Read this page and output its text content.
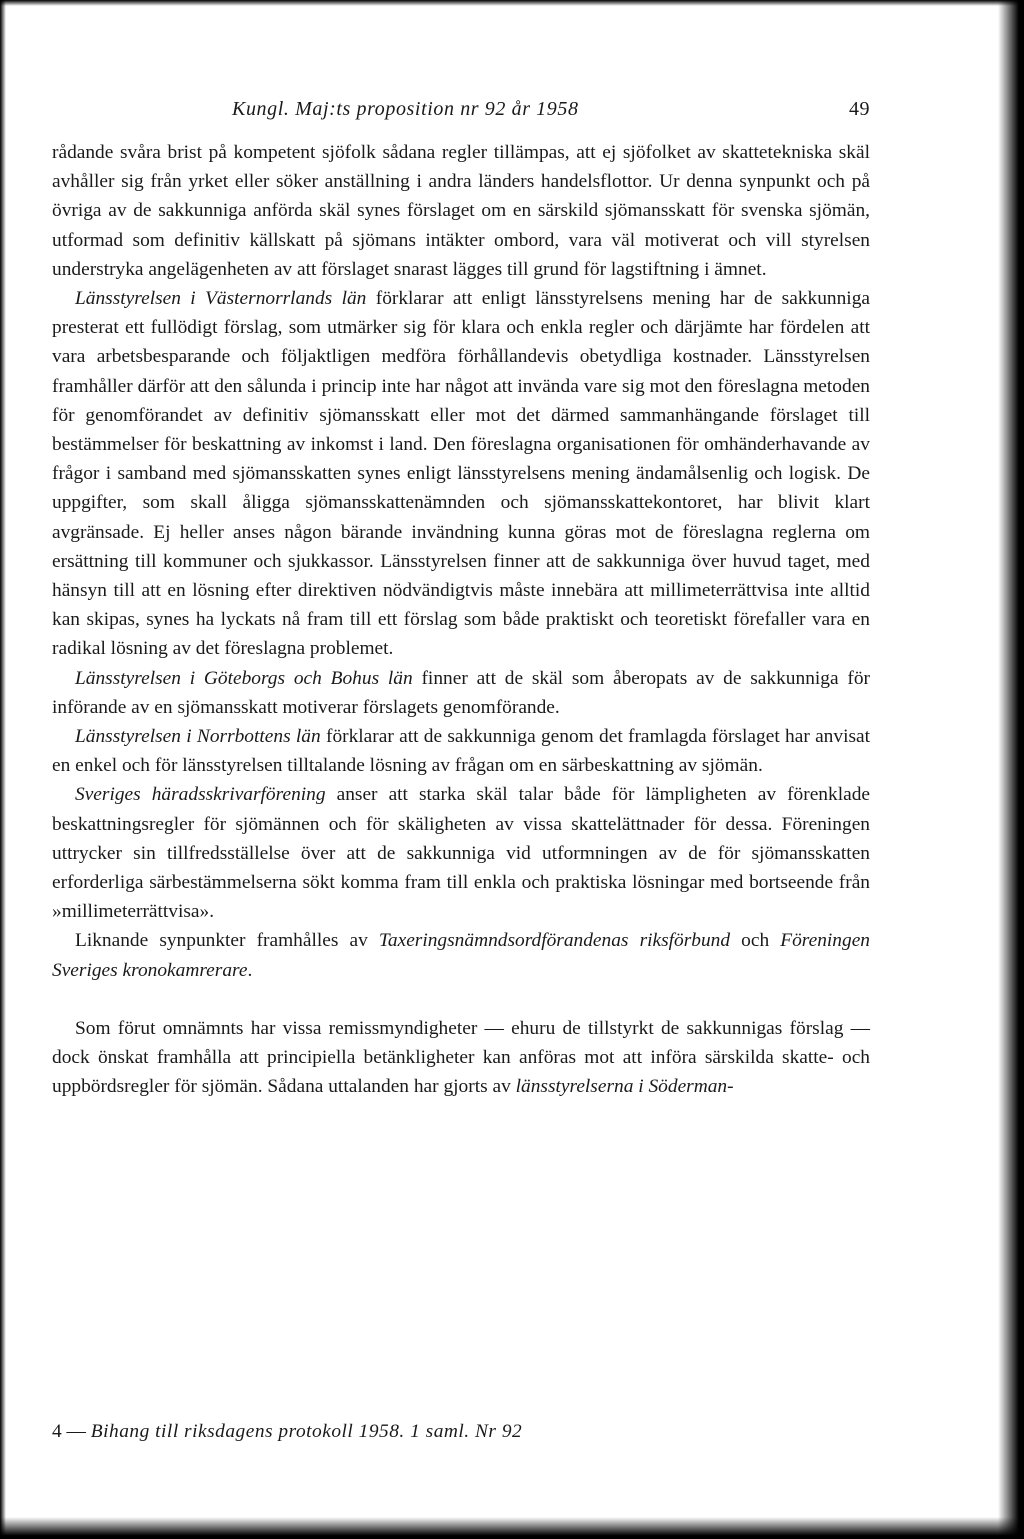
Kungl. Maj:ts proposition nr 92 år 1958	49

rådande svåra brist på kompetent sjöfolk sådana regler tillämpas, att ej sjöfolket av skattetekniska skäl avhåller sig från yrket eller söker anställning i andra länders handelsflottor. Ur denna synpunkt och på övriga av de sakkunniga anförda skäl synes förslaget om en särskild sjömansskatt för svenska sjömän, utformad som definitiv källskatt på sjömans intäkter ombord, vara väl motiverat och vill styrelsen understryka angelägenheten av att förslaget snarast lägges till grund för lagstiftning i ämnet.

Länsstyrelsen i Västernorrlands län förklarar att enligt länsstyrelsens mening har de sakkunniga presterat ett fullödigt förslag, som utmärker sig för klara och enkla regler och därjämte har fördelen att vara arbetsbesparande och följaktligen medföra förhållandevis obetydliga kostnader. Länsstyrelsen framhåller därför att den sålunda i princip inte har något att invända vare sig mot den föreslagna metoden för genomförandet av definitiv sjömansskatt eller mot det därmed sammanhängande förslaget till bestämmelser för beskattning av inkomst i land. Den föreslagna organisationen för omhänderhavande av frågor i samband med sjömansskatten synes enligt länsstyrelsens mening ändamålsenlig och logisk. De uppgifter, som skall åligga sjömansskattenämnden och sjömansskattekontoret, har blivit klart avgränsade. Ej heller anses någon bärande invändning kunna göras mot de föreslagna reglerna om ersättning till kommuner och sjukkassor. Länsstyrelsen finner att de sakkunniga över huvud taget, med hänsyn till att en lösning efter direktiven nödvändigtvis måste innebära att millimeterrättvisa inte alltid kan skipas, synes ha lyckats nå fram till ett förslag som både praktiskt och teoretiskt förefaller vara en radikal lösning av det föreslagna problemet.

Länsstyrelsen i Göteborgs och Bohus län finner att de skäl som åberopats av de sakkunniga för införande av en sjömansskatt motiverar förslagets genomförande.

Länsstyrelsen i Norrbottens län förklarar att de sakkunniga genom det framlagda förslaget har anvisat en enkel och för länsstyrelsen tilltalande lösning av frågan om en särbeskattning av sjömän.

Sveriges häradsskrivarförening anser att starka skäl talar både för lämpligheten av förenklade beskattningsregler för sjömännen och för skäligheten av vissa skattelättnader för dessa. Föreningen uttrycker sin tillfredsställelse över att de sakkunniga vid utformningen av de för sjömansskatten erforderliga särbestämmelserna sökt komma fram till enkla och praktiska lösningar med bortseende från »millimeterrättvisa».

Liknande synpunkter framhålles av Taxeringsnämndsordförandenas riksförbund och Föreningen Sveriges kronokamrerare.

Som förut omnämnts har vissa remissmyndigheter — ehuru de tillstyrkt de sakkunnigas förslag — dock önskat framhålla att principiella betänkligheter kan anföras mot att införa särskilda skatte- och uppbördsregler för sjömän. Sådana uttalanden har gjorts av länsstyrelserna i Söderman-

4 — Bihang till riksdagens protokoll 1958. 1 saml. Nr 92
